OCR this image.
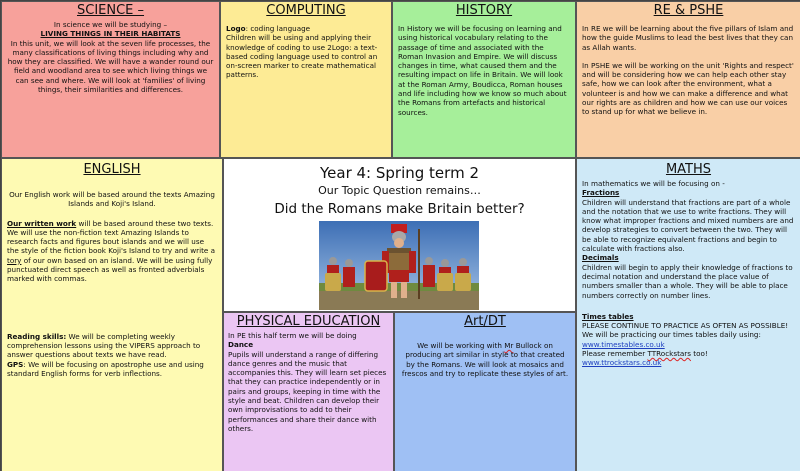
SCIENCE –

In science we will be studying –

LIVING THINGS IN THEIR HABITATS

In this unit, we will look at the seven life processes, the many classifications of living things including why and how they are classified. We will have a wander round our field and woodland area to see which living things we can see and where. We will look at 'families' of living things, their similarities and differences.

COMPUTING

Logo: coding language

Children will be using and applying their knowledge of coding to use 2Logo: a text-based coding language used to control an on-screen marker to create mathematical patterns.

HISTORY

In History we will be focusing on learning and using historical vocabulary relating to the passage of time and associated with the Roman Invasion and Empire. We will discuss changes in time, what caused them and the resulting impact on life in Britain. We will look at the Roman Army, Boudicca, Roman houses and life including how we know so much about the Romans from artefacts and historical sources.

RE & PSHE

In RE we will be learning about the five pillars of Islam and how the guide Muslims to lead the best lives that they can as Allah wants.

In PSHE we will be working on the unit 'Rights and respect' and will be considering how we can help each other stay safe, how we can look after the environment, what a volunteer is and how we can make a difference and what our rights are as children and how we can use our voices to stand up for what we believe in.

ENGLISH

Our English work will be based around the texts Amazing Islands and Koji's Island.

Our written work will be based around these two texts. We will use the non-fiction text Amazing Islands to research facts and figures bout islands and we will use the style of the fiction book Koji's Island to try and write a tory of our own based on an island. We will be using fully punctuated direct speech as well as fronted adverbials marked with commas.

Reading skills: We will be completing weekly comprehension lessons using the VIPERS approach to answer questions about texts we have read.

GPS: We will be focusing on apostrophe use and using standard English forms for verb inflections.

Year 4: Spring term 2
Our Topic Question remains…
Did the Romans make Britain better?
PHYSICAL EDUCATION

In PE this half term we will be doing

Dance

Pupils will understand a range of differing dance genres and the music that accompanies this. They will learn set pieces that they can practice independently or in pairs and groups, keeping in time with the style and beat. Children can develop their own improvisations to add to their performances and share their dance with others.

Art/DT

We will be working with Mr Bullock on producing art similar in style to that created by the Romans. We will look at mosaics and frescos and try to replicate these styles of art.

MATHS

In mathematics we will be focusing on -

Fractions

Children will understand that fractions are part of a whole and the notation that we use to write fractions. They will know what improper fractions and mixed numbers are and develop strategies to convert between the two. They will be able to recognize equivalent fractions and begin to calculate with fractions also.

Decimals

Children will begin to apply their knowledge of fractions to decimal notation and understand the place value of numbers smaller than a whole. They will be able to place numbers correctly on number lines.

Times tables

PLEASE CONTINUE TO PRACTICE AS OFTEN AS POSSIBLE!

We will be practicing our times tables daily using:

www.timestables.co.uk

Please remember TTRockstars too!

www.ttrockstars.co.uk
